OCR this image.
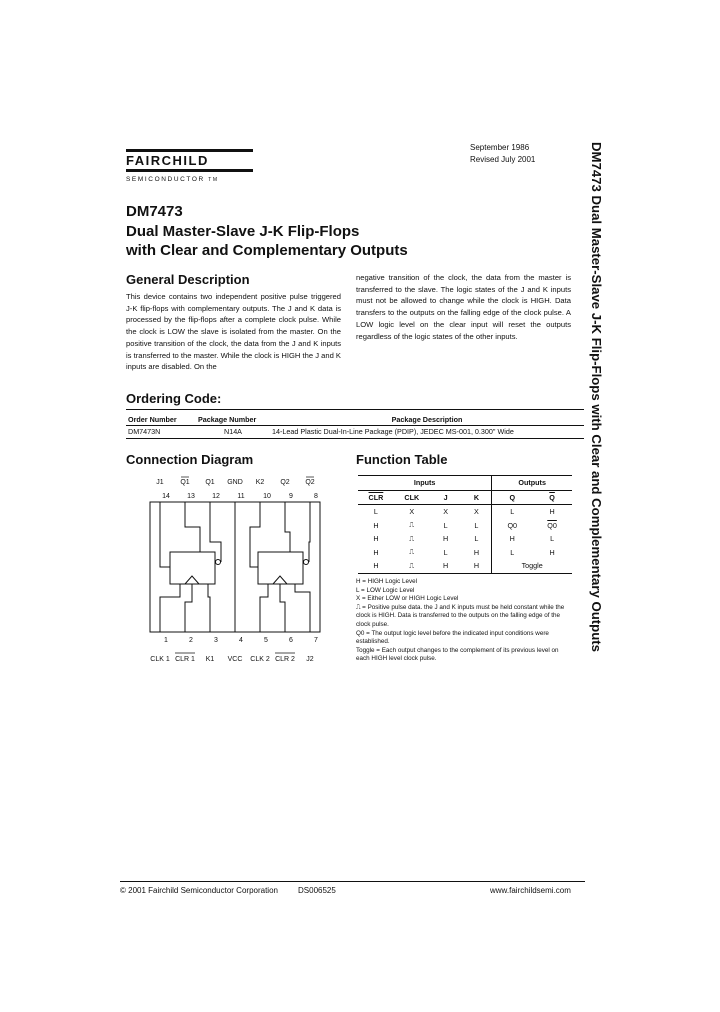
FAIRCHILD
SEMICONDUCTOR TM
September 1986
Revised July 2001
DM7473
Dual Master-Slave J-K Flip-Flops
with Clear and Complementary Outputs	DM7473 Dual Master-Slave J-K Flip-Flops with Clear and Complementary Outputs
General Description
This device contains two independent positive pulse triggered J-K flip-flops with complementary outputs. The J and K data is processed by the flip-flops after a complete clock pulse. While the clock is LOW the slave is isolated from the master. On the positive transition of the clock, the data from the J and K inputs is transferred to the master. While the clock is HIGH the J and K inputs are disabled. On the
negative transition of the clock, the data from the master is transferred to the slave. The logic states of the J and K inputs must not be allowed to change while the clock is HIGH. Data transfers to the outputs on the falling edge of the clock pulse. A LOW logic level on the clear input will reset the outputs regardless of the logic states of the other inputs.
Ordering Code:
Order Number	Package Number	Package Description
DM7473N	N14A	14-Lead Plastic Dual-In-Line Package (PDIP), JEDEC MS-001, 0.300" Wide
Connection Diagram
J1 Q1 Q1 GND K2 Q2 Q2
14 13 12 11	10	9	8
1	2	3	4	5	6	7
CLK 1 CLR 1 K1 VCC CLK 2 CLR 2 J2
Function Table
Inputs				Outputs	
$\overline{CLR}$	CLK	J	K	Q	$\overline{Q}$
L	X	X	X	L	H
H	⎍	L	L	Q0	Q0
H	⎍	H	L	H	L
H	⎍	L	H	L	H
H	⎍	H	H	Toggle	
H = HIGH Logic Level
L = LOW Logic Level
X = Either LOW or HIGH Logic Level
⎍ = Positive pulse data. the J and K inputs must be held constant while the clock is HIGH. Data is transferred to the outputs on the falling edge of the clock pulse.
Q0 = The output logic level before the indicated input conditions were established.
Toggle = Each output changes to the complement of its previous level on each HIGH level clock pulse.
© 2001 Fairchild Semiconductor Corporation	DS006525	www.fairchildsemi.com
